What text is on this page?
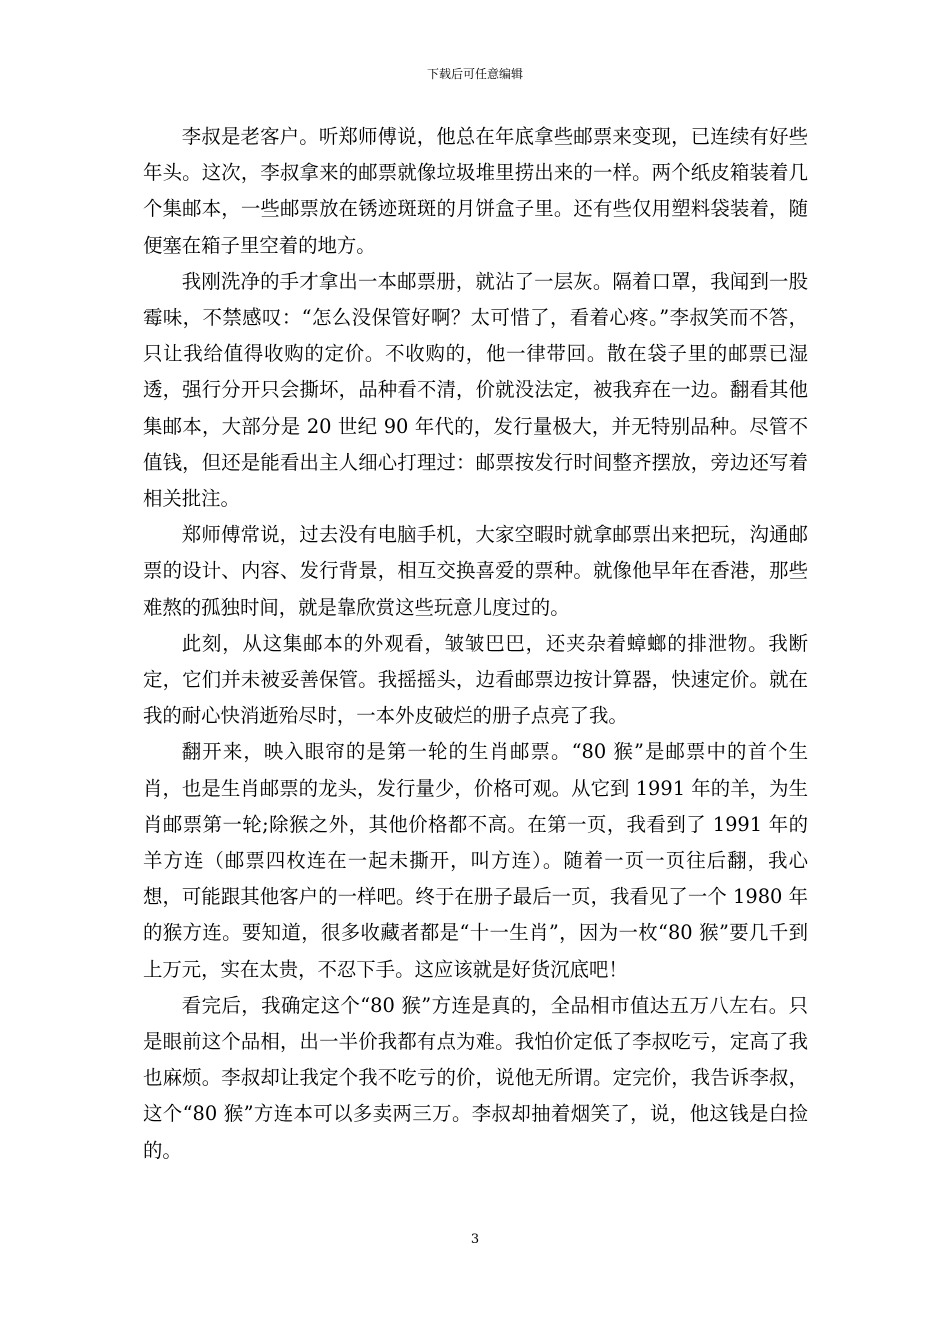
下载后可任意编辑

李叔是老客户。听郑师傅说，他总在年底拿些邮票来变现，已连续有好些年头。这次，李叔拿来的邮票就像垃圾堆里捞出来的一样。两个纸皮箱装着几个集邮本，一些邮票放在锈迹斑斑的月饼盒子里。还有些仅用塑料袋装着，随便塞在箱子里空着的地方。

我刚洗净的手才拿出一本邮票册，就沾了一层灰。隔着口罩，我闻到一股霉味，不禁感叹：“怎么没保管好啊？太可惜了，看着心疼。”李叔笑而不答，只让我给值得收购的定价。不收购的，他一律带回。散在袋子里的邮票已湿透，强行分开只会撕坏，品种看不清，价就没法定，被我弃在一边。翻看其他集邮本，大部分是 20 世纪 90 年代的，发行量极大，并无特别品种。尽管不值钱，但还是能看出主人细心打理过：邮票按发行时间整齐摆放，旁边还写着相关批注。

郑师傅常说，过去没有电脑手机，大家空暇时就拿邮票出来把玩，沟通邮票的设计、内容、发行背景，相互交换喜爱的票种。就像他早年在香港，那些难熬的孤独时间，就是靠欣赏这些玩意儿度过的。

此刻，从这集邮本的外观看，皱皱巴巴，还夹杂着蟑螂的排泄物。我断定，它们并未被妥善保管。我摇摇头，边看邮票边按计算器，快速定价。就在我的耐心快消逝殆尽时，一本外皮破烂的册子点亮了我。

翻开来，映入眼帘的是第一轮的生肖邮票。“80 猴”是邮票中的首个生肖，也是生肖邮票的龙头，发行量少，价格可观。从它到 1991 年的羊，为生肖邮票第一轮;除猴之外，其他价格都不高。在第一页，我看到了 1991 年的羊方连（邮票四枚连在一起未撕开，叫方连）。随着一页一页往后翻，我心想，可能跟其他客户的一样吧。终于在册子最后一页，我看见了一个 1980 年的猴方连。要知道，很多收藏者都是“十一生肖”，因为一枚“80 猴”要几千到上万元，实在太贵，不忍下手。这应该就是好货沉底吧！

看完后，我确定这个“80 猴”方连是真的，全品相市值达五万八左右。只是眼前这个品相，出一半价我都有点为难。我怕价定低了李叔吃亏，定高了我也麻烦。李叔却让我定个我不吃亏的价，说他无所谓。定完价，我告诉李叔，这个“80 猴”方连本可以多卖两三万。李叔却抽着烟笑了，说，他这钱是白捡的。

3
